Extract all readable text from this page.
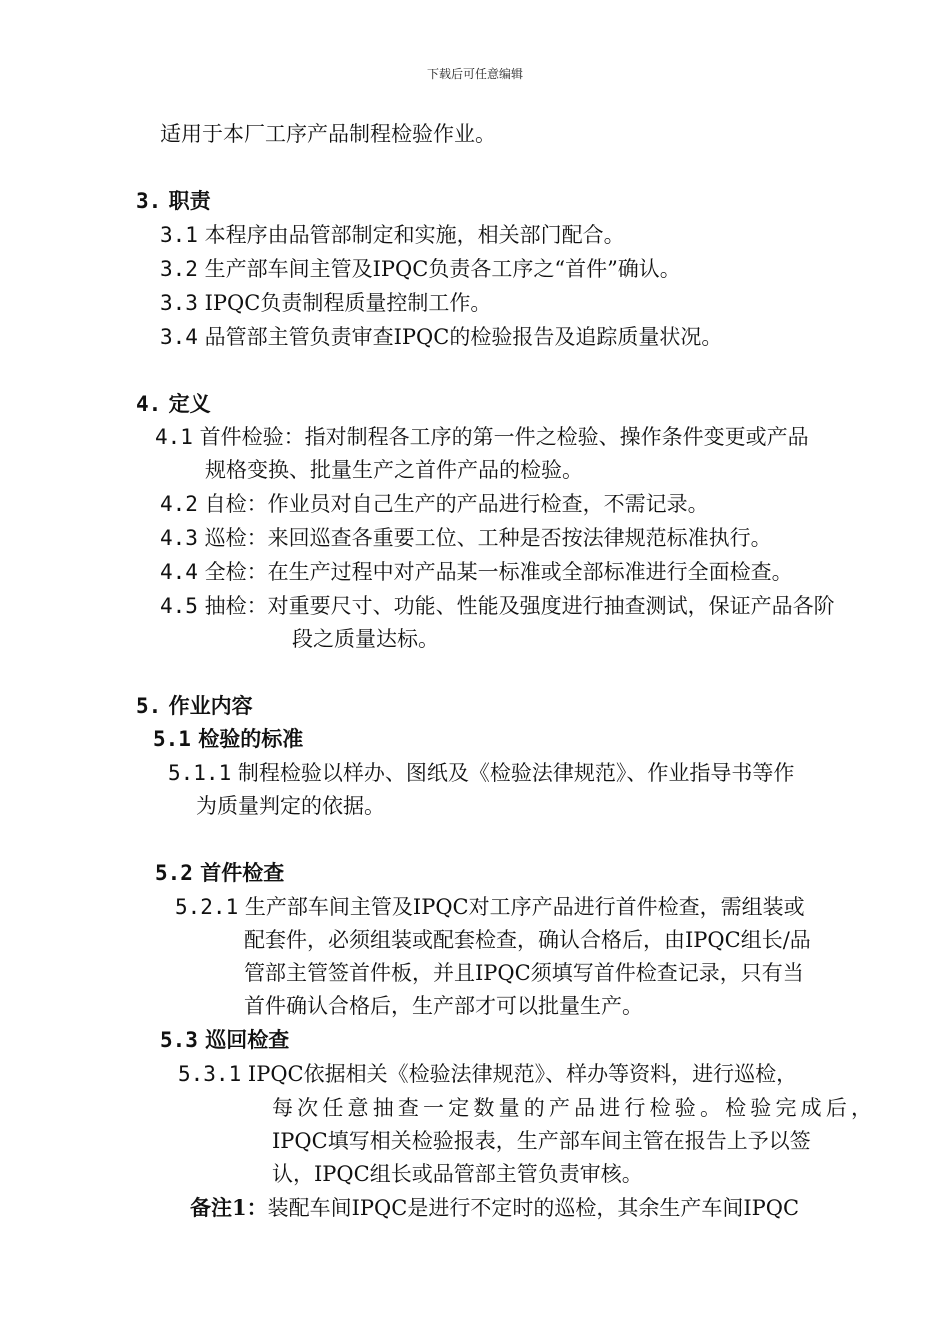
下载后可任意编辑
适用于本厂工序产品制程检验作业。
3. 职责
3.1 本程序由品管部制定和实施，相关部门配合。
3.2 生产部车间主管及IPQC负责各工序之“首件”确认。
3.3 IPQC负责制程质量控制工作。
3.4 品管部主管负责审查IPQC的检验报告及追踪质量状况。
4. 定义
4.1 首件检验：指对制程各工序的第一件之检验、操作条件变更或产品
规格变换、批量生产之首件产品的检验。
4.2 自检：作业员对自己生产的产品进行检查，不需记录。
4.3 巡检：来回巡查各重要工位、工种是否按法律规范标准执行。
4.4 全检：在生产过程中对产品某一标准或全部标准进行全面检查。
4.5 抽检：对重要尺寸、功能、性能及强度进行抽查测试，保证产品各阶
段之质量达标。
5. 作业内容
5.1 检验的标准
5.1.1 制程检验以样办、图纸及《检验法律规范》、作业指导书等作
为质量判定的依据。
5.2 首件检查
5.2.1 生产部车间主管及IPQC对工序产品进行首件检查，需组装或
配套件，必须组装或配套检查，确认合格后，由IPQC组长/品
管部主管签首件板，并且IPQC须填写首件检查记录，只有当
首件确认合格后，生产部才可以批量生产。
5.3 巡回检查
5.3.1 IPQC依据相关《检验法律规范》、样办等资料，进行巡检，
每次任意抽查一定数量的产品进行检验。检验完成后，
IPQC填写相关检验报表，生产部车间主管在报告上予以签
认，IPQC组长或品管部主管负责审核。
备注1：装配车间IPQC是进行不定时的巡检，其余生产车间IPQC
